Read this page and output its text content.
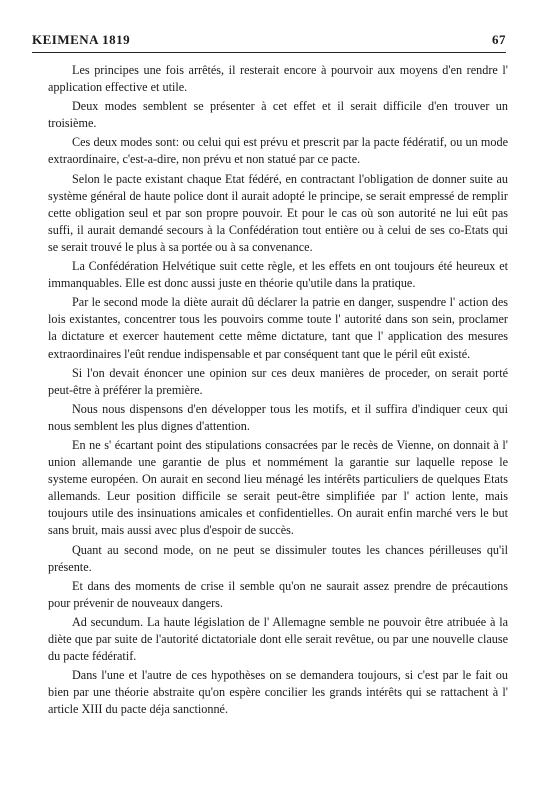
KEIMENA 1819	67

Les principes une fois arrêtés, il resterait encore à pourvoir aux moyens d'en rendre l' application effective et utile.

Deux modes semblent se présenter à cet effet et il serait difficile d'en trouver un troisième.

Ces deux modes sont: ou celui qui est prévu et prescrit par la pacte fédératif, ou un mode extraordinaire, c'est-a-dire, non prévu et non statué par ce pacte.

Selon le pacte existant chaque Etat fédéré, en contractant l'obligation de donner suite au système général de haute police dont il aurait adopté le principe, se serait empressé de remplir cette obligation seul et par son propre pouvoir. Et pour le cas où son autorité ne lui eût pas suffi, il aurait demandé secours à la Confédération tout entière ou à celui de ses co-Etats qui se serait trouvé le plus à sa portée ou à sa convenance.

La Confédération Helvétique suit cette règle, et les effets en ont toujours été heureux et immanquables. Elle est donc aussi juste en théorie qu'utile dans la pratique.

Par le second mode la diète aurait dû déclarer la patrie en danger, suspendre l' action des lois existantes, concentrer tous les pouvoirs comme toute l' autorité dans son sein, proclamer la dictature et exercer hautement cette même dictature, tant que l' application des mesures extraordinaires l'eût rendue indispensable et par conséquent tant que le péril eût existé.

Si l'on devait énoncer une opinion sur ces deux manières de proceder, on serait porté peut-être à préférer la première.

Nous nous dispensons d'en développer tous les motifs, et il suffira d'indiquer ceux qui nous semblent les plus dignes d'attention.

En ne s' écartant point des stipulations consacrées par le recès de Vienne, on donnait à l' union allemande une garantie de plus et nommément la garantie sur laquelle repose le systeme européen. On aurait en second lieu ménagé les intérêts particuliers de quelques Etats allemands. Leur position difficile se serait peut-être simplifiée par l' action lente, mais toujours utile des insinuations amicales et confidentielles. On aurait enfin marché vers le but sans bruit, mais aussi avec plus d'espoir de succès.

Quant au second mode, on ne peut se dissimuler toutes les chances périlleuses qu'il présente.

Et dans des moments de crise il semble qu'on ne saurait assez prendre de précautions pour prévenir de nouveaux dangers.

Ad secundum. La haute législation de l' Allemagne semble ne pouvoir être atribuée à la diète que par suite de l'autorité dictatoriale dont elle serait revêtue, ou par une nouvelle clause du pacte fédératif.

Dans l'une et l'autre de ces hypothèses on se demandera toujours, si c'est par le fait ou bien par une théorie abstraite qu'on espère concilier les grands intérêts qui se rattachent à l' article XIII du pacte déja sanctionné.
